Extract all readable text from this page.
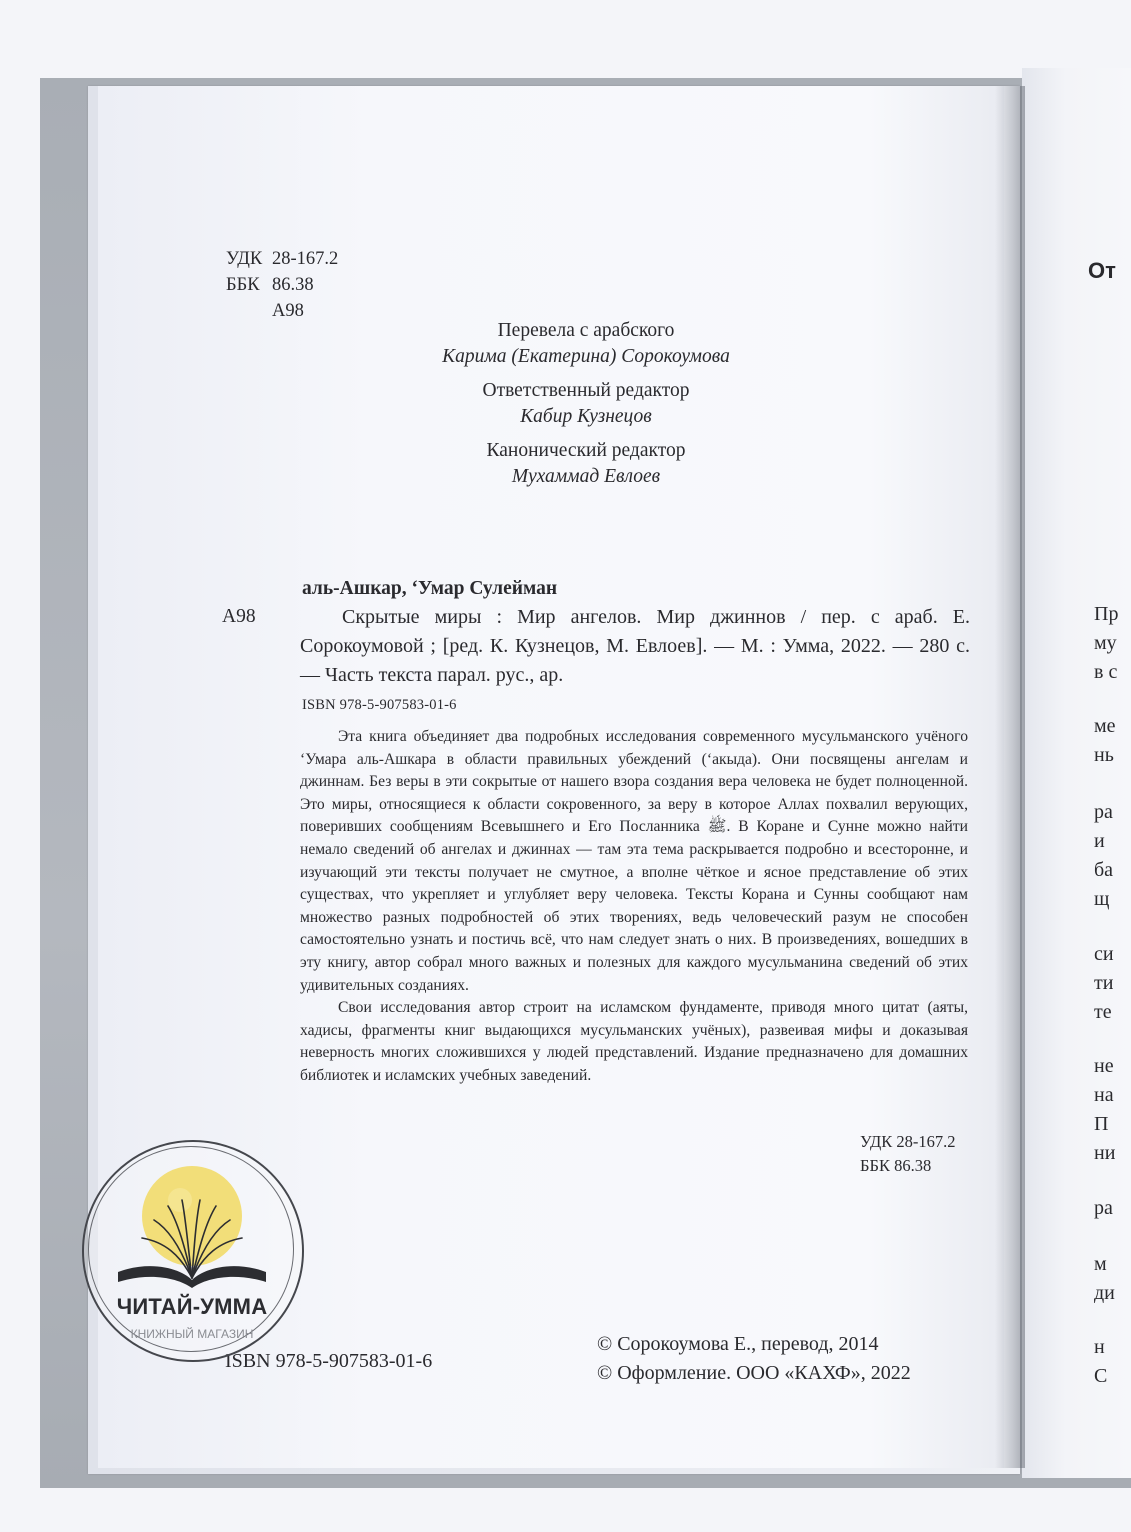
УДК 28-167.2
ББК 86.38
А98
Перевела с арабского
Карима (Екатерина) Сорокоумова
Ответственный редактор
Кабир Кузнецов
Канонический редактор
Мухаммад Евлоев
аль-Ашкар, ʻУмар Сулейман
А98	Скрытые миры : Мир ангелов. Мир джиннов / пер. с араб. Е. Сорокоумовой ; [ред. К. Кузнецов, М. Евлоев]. — М. : Умма, 2022. — 280 с. — Часть текста парал. рус., ар.
ISBN 978-5-907583-01-6

Эта книга объединяет два подробных исследования современного мусульманского учёного ʻУмара аль-Ашкара в области правильных убеждений (ʻакыда). Они посвящены ангелам и джиннам. Без веры в эти сокрытые от нашего взора создания вера человека не будет полноценной. Это миры, относящиеся к области сокровенного, за веру в которое Аллах похвалил верующих, поверивших сообщениям Всевышнего и Его Посланника ﷺ. В Коране и Сунне можно найти немало сведений об ангелах и джиннах — там эта тема раскрывается подробно и всесторонне, и изучающий эти тексты получает не смутное, а вполне чёткое и ясное представление об этих существах, что укрепляет и углубляет веру человека. Тексты Корана и Сунны сообщают нам множество разных подробностей об этих творениях, ведь человеческий разум не способен самостоятельно узнать и постичь всё, что нам следует знать о них. В произведениях, вошедших в эту книгу, автор собрал много важных и полезных для каждого мусульманина сведений об этих удивительных созданиях.

Свои исследования автор строит на исламском фундаменте, приводя много цитат (аяты, хадисы, фрагменты книг выдающихся мусульманских учёных), развеивая мифы и доказывая неверность многих сложившихся у людей представлений. Издание предназначено для домашних библиотек и исламских учебных заведений.

УДК 28-167.2
ББК 86.38
ISBN 978-5-907583-01-6
© Сорокоумова Е., перевод, 2014
© Оформление. ООО «КАХФ», 2022
От
Пр
му
в с
ме
нь
ра
и
ба
щ
си
ти
те
не
на
П
ни
ра
м
ди
н
С
ЧИТАЙ-УММА
КНИЖНЫЙ МАГАЗИН
